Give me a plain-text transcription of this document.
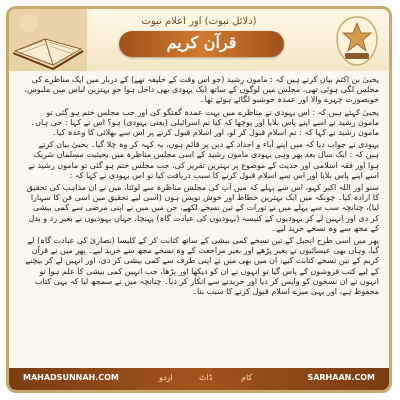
(دلائل نبوت) اور اعلام نبوت
قرآن کریم

یحییٰ بن اکثم بیان کرتے ہیں کہ : مامون رشید (جو اس وقت کے خلیفہ تھے) کے دربار میں ایک مناظرے کی مجلس لگی ہوئی تھی، مجلس میں لوگوں کے ساتھ ایک یہودی بھی داخل ہوا جو بہترین لباس میں ملبوس، خوبصورت چہرے والا اور عمدہ خوشبو لگائے ہوئے تھا۔

یحییٰ کہتے ہیں کہ : اس یہودی نے مناظرے میں بہت عمدہ گفتگو کی اور جب مجلس ختم ہو گئی تو مامون رشید نے اسے اپنے پاس بلایا اور پوچھا کہ کیا تم اسرائیلی (یعنی یہودی) ہو؟ اس نے کہا : جی ہاں۔ مامون رشید نے کہا کہ : تم اسلام قبول کر لو، اور اسلام قبول کرنے پر اس سے بھلائی کا وعدہ کیا۔

یہودی نے جواب دیا کہ میں اپنے آباء و اجداد کے دین پر قائم ہوں، یہ کہہ کر وہ چلا گیا۔ یحییٰ بیان کرتے ہیں کہ : ایک سال بعد پھر وہی یہودی مامون رشید کے اسی مجلس مناظرہ میں بحیثیت مسلمان شریک ہوا اور فقہ اسلامی اور حدیث کے موضوع پر بہترین تقریر کی، جب مجلس ختم ہو گئی تو مامون رشید نے اسے اپنے پاس بلایا اور اس سے اسلام قبول کرنے کا سبب دریافت کیا تو اس یہودی نے کہا کہ :

سنو اور اللہ اکبر کہو، اس سے پہلے کہ میں آپ کی مجلس مناظرہ سے لوٹتا، میں نے ان مذاہب کی تحقیق کا ارادہ کیا۔ چونکہ میں ایک بہترین خطاط اور خوش نویس ہوں (اسی لیے تحقیق میں اسی فن کا سہارا لیا)، چنانچہ سب سے پہلے میں نے تورات کے تین نسخے لکھے، جن میں میں نے اپنی مرضی سے کمی بیشی کر دی اور انہیں لے کر یہودیوں کے کنیسہ (یہودیوں کی عبادت گاہ) پہنچا، جہاں یہودیوں نے بغیر رد و بدل کے مجھ سے وہ نسخے خرید لیے۔

پھر میں اسی طرح انجیل کے تین نسخے کمی بیشی کے ساتھ کتابت کر کے کلیسا (نصاریٰ کی عبادت گاہ) لے گیا، وہاں بھی عیسائیوں نے بغیر پڑھے اور بغیر مراجعت کے وہ نسخے مجھ سے خرید لیے۔ پھر میں نے قرآن کریم کے تین نسخے کتابت کیے، ان میں بھی میں نے اپنی طرف سے کمی بیشی کر دی، اور انہیں لے کر بیچنے کے لیے کتب فروشوں کے پاس گیا تو انہوں نے ان کو دیکھا اور پڑھا، جب انہیں کمی بیشی کا علم ہوا تو انہوں نے ان نسخوں کو واپس کر دیا اور خریدنے سے انکار کر دیا۔ چنانچہ میں نے سمجھ لیا کہ یہی کتاب محفوظ ہے، اور یہی میرے اسلام قبول کرنے کا سبب بنا۔

MAHADSUNNAH.COM	اردو	ڈاٹ	کام	SARHAAN.COM
